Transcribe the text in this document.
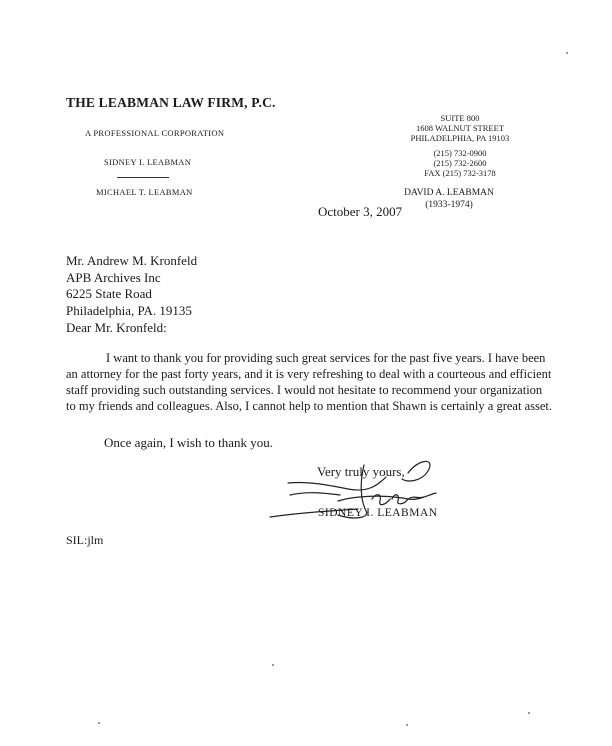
THE LEABMAN LAW FIRM, P.C.
A PROFESSIONAL CORPORATION
SIDNEY I. LEABMAN
MICHAEL T. LEABMAN
SUITE 800
1608 WALNUT STREET
PHILADELPHIA, PA 19103
(215) 732-0900
(215) 732-2600
FAX (215) 732-3178
DAVID A. LEABMAN
(1933-1974)
October 3, 2007
Mr. Andrew M. Kronfeld
APB Archives Inc
6225 State Road
Philadelphia, PA. 19135
Dear Mr. Kronfeld:
I want to thank you for providing such great services for the past five years. I have been an attorney for the past forty years, and it is very refreshing to deal with a courteous and efficient staff providing such outstanding services. I would not hesitate to recommend your organization to my friends and colleagues. Also, I cannot help to mention that Shawn is certainly a great asset.
Once again, I wish to thank you.
Very truly yours,
SIDNEY I. LEABMAN
SIL:jlm
